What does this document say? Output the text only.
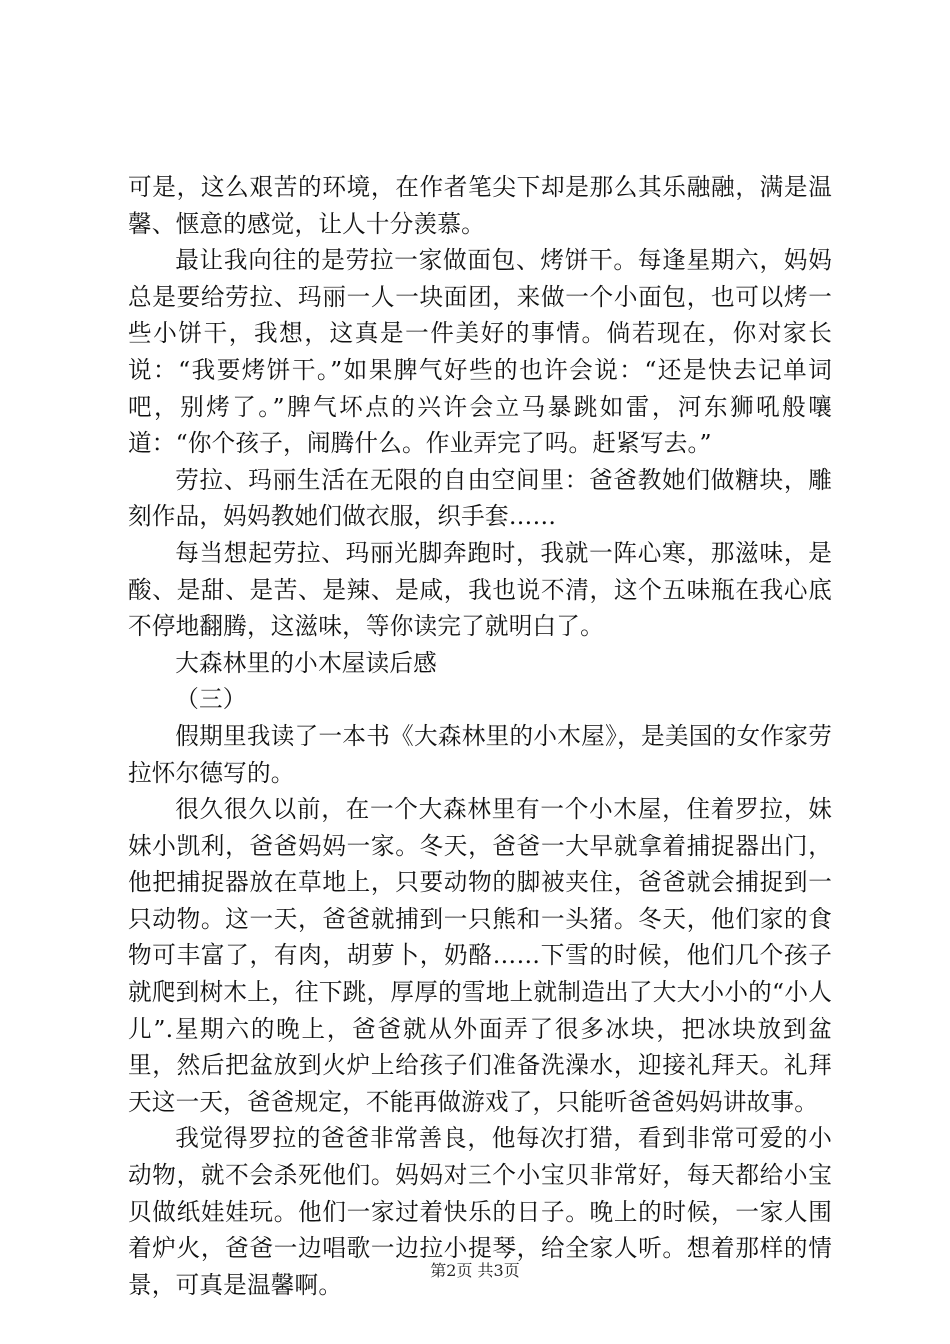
可是，这么艰苦的环境，在作者笔尖下却是那么其乐融融，满是温馨、惬意的感觉，让人十分羡慕。

最让我向往的是劳拉一家做面包、烤饼干。每逢星期六，妈妈总是要给劳拉、玛丽一人一块面团，来做一个小面包，也可以烤一些小饼干，我想，这真是一件美好的事情。倘若现在，你对家长说：“我要烤饼干。”如果脾气好些的也许会说：“还是快去记单词吧，别烤了。”脾气坏点的兴许会立马暴跳如雷，河东狮吼般嚷道：“你个孩子，闹腾什么。作业弄完了吗。赶紧写去。”

劳拉、玛丽生活在无限的自由空间里：爸爸教她们做糖块，雕刻作品，妈妈教她们做衣服，织手套……

每当想起劳拉、玛丽光脚奔跑时，我就一阵心寒，那滋味，是酸、是甜、是苦、是辣、是咸，我也说不清，这个五味瓶在我心底不停地翻腾，这滋味，等你读完了就明白了。

大森林里的小木屋读后感

（三）

假期里我读了一本书《大森林里的小木屋》，是美国的女作家劳拉怀尔德写的。

很久很久以前，在一个大森林里有一个小木屋，住着罗拉，妹妹小凯利，爸爸妈妈一家。冬天，爸爸一大早就拿着捕捉器出门，他把捕捉器放在草地上，只要动物的脚被夹住，爸爸就会捕捉到一只动物。这一天，爸爸就捕到一只熊和一头猪。冬天，他们家的食物可丰富了，有肉，胡萝卜，奶酪……下雪的时候，他们几个孩子就爬到树木上，往下跳，厚厚的雪地上就制造出了大大小小的“小人儿”.星期六的晚上，爸爸就从外面弄了很多冰块，把冰块放到盆里，然后把盆放到火炉上给孩子们准备洗澡水，迎接礼拜天。礼拜天这一天，爸爸规定，不能再做游戏了，只能听爸爸妈妈讲故事。

我觉得罗拉的爸爸非常善良，他每次打猎，看到非常可爱的小动物，就不会杀死他们。妈妈对三个小宝贝非常好，每天都给小宝贝做纸娃娃玩。他们一家过着快乐的日子。晚上的时候，一家人围着炉火，爸爸一边唱歌一边拉小提琴，给全家人听。想着那样的情景，可真是温馨啊。

第2页 共3页
